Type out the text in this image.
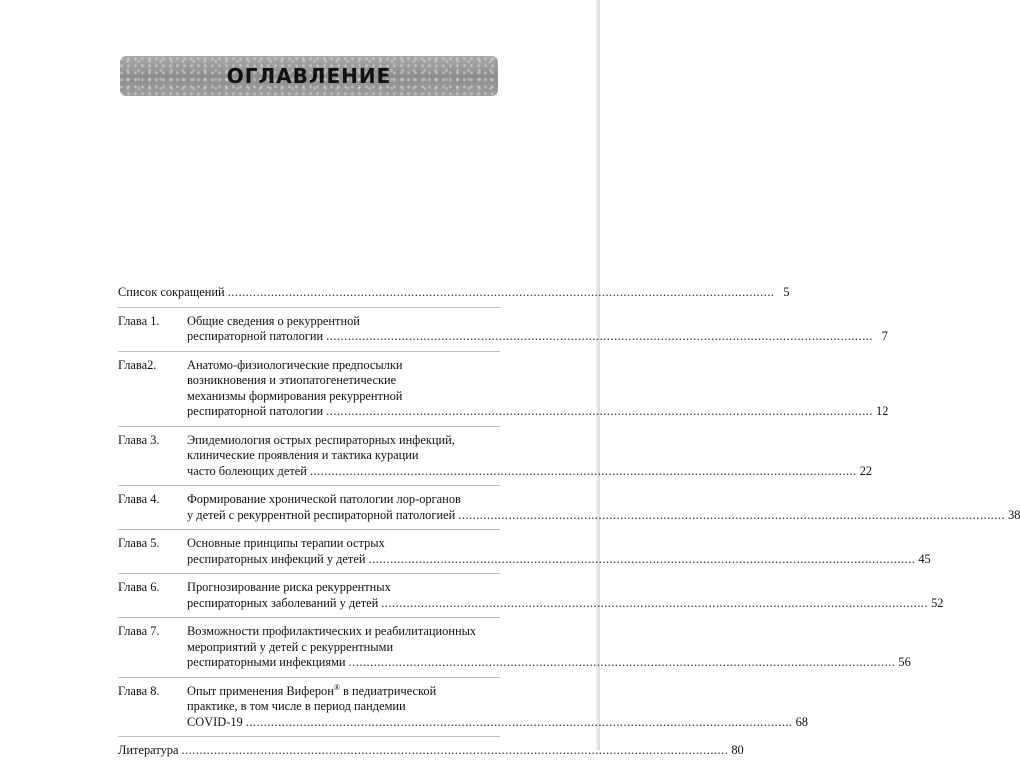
ОГЛАВЛЕНИЕ
Список сокращений ........................................................................................................................................................ 5
Глава 1.	Общие сведения о рекуррентной
респираторной патологии ........................................................................................................................................................ 7
Глава2.	Анатомо-физиологические предпосылки
возникновения и этиопатогенетические
механизмы формирования рекуррентной
респираторной патологии ........................................................................................................................................................ 12
Глава 3.	Эпидемиология острых респираторных инфекций,
клинические проявления и тактика курации
часто болеющих детей ........................................................................................................................................................ 22
Глава 4.	Формирование хронической патологии лор-органов
у детей с рекуррентной респираторной патологией ........................................................................................................................................................ 38
Глава 5.	Основные принципы терапии острых
респираторных инфекций у детей ........................................................................................................................................................ 45
Глава 6.	Прогнозирование риска рекуррентных
респираторных заболеваний у детей ........................................................................................................................................................ 52
Глава 7.	Возможности профилактических и реабилитационных
мероприятий у детей с рекуррентными
респираторными инфекциями ........................................................................................................................................................ 56
Глава 8.	Опыт применения Виферон® в педиатрической
практике, в том числе в период пандемии
COVID-19 ........................................................................................................................................................ 68
Литература ........................................................................................................................................................ 80
